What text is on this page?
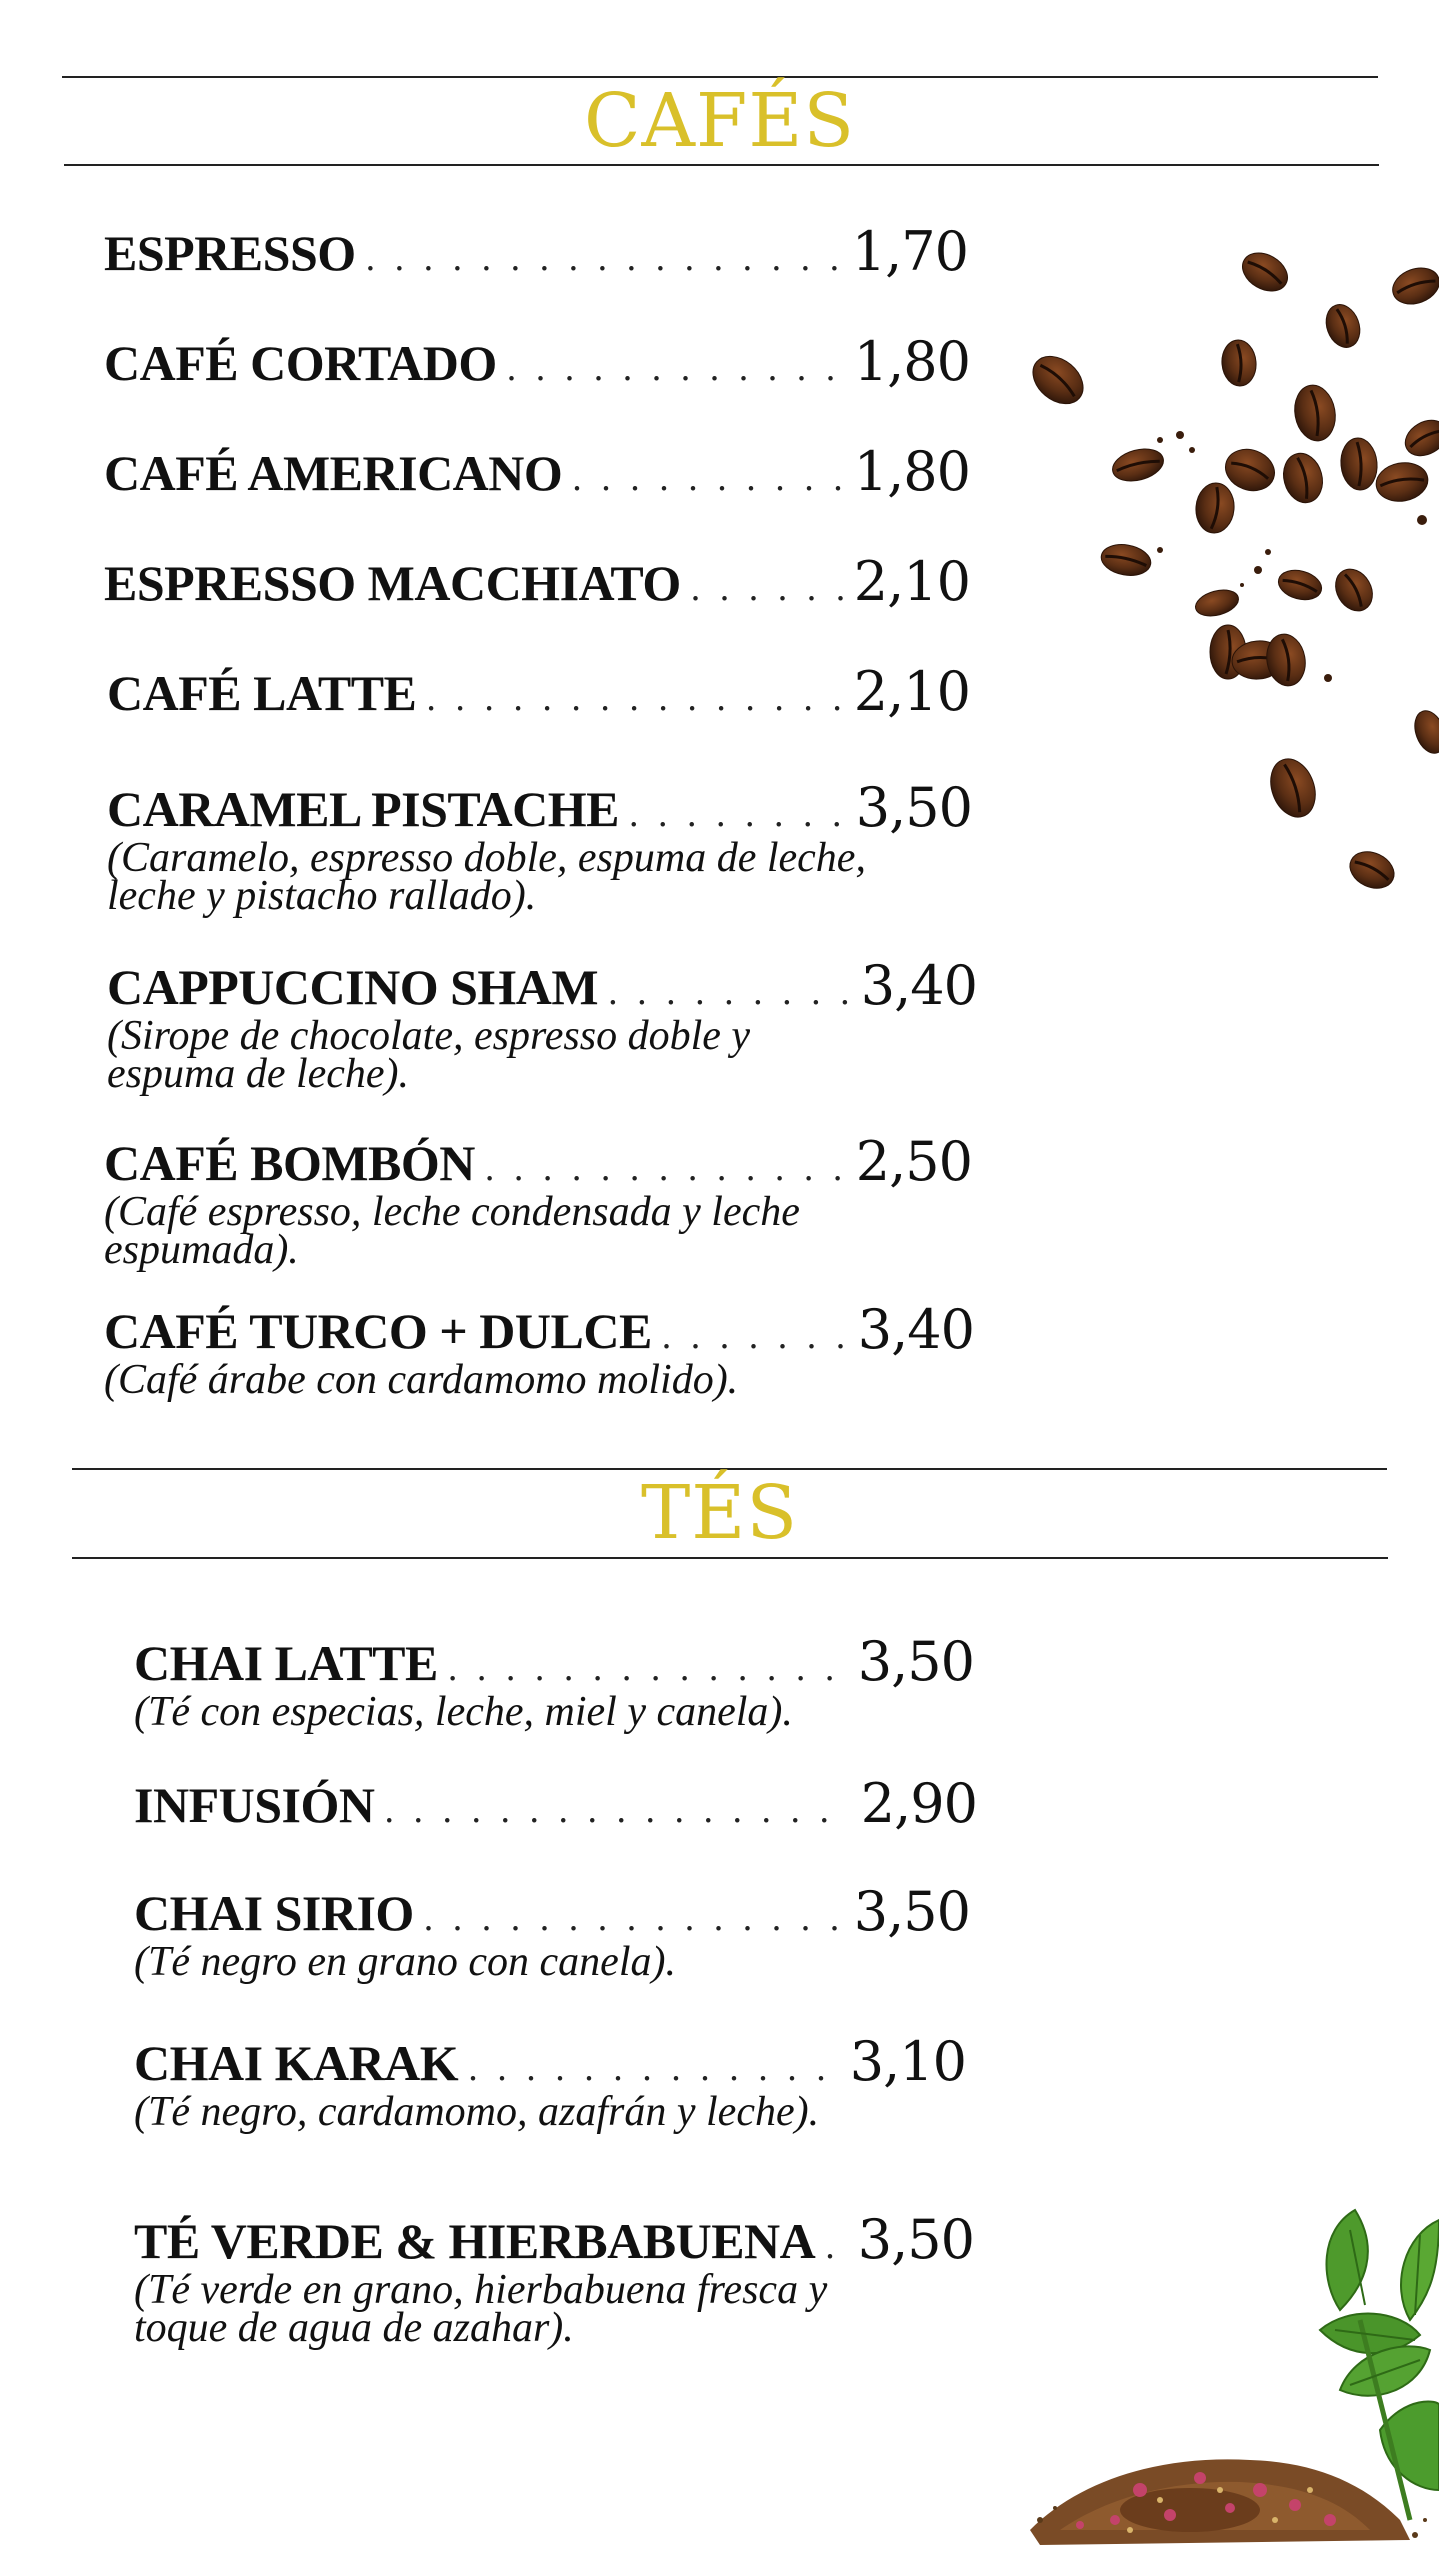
CAFÉS
ESPRESSO . . .	1,70
CAFÉ CORTADO . . .	1,80
CAFÉ AMERICANO . . .	1,80
ESPRESSO MACCHIATO . . .	2,10
CAFÉ LATTE . . .	2,10
CARAMEL PISTACHE . . .	3,50
(Caramelo, espresso doble, espuma de leche, leche y pistacho rallado).
CAPPUCCINO SHAM . . .	3,40
(Sirope de chocolate, espresso doble y espuma de leche).
CAFÉ BOMBÓN . . .	2,50
(Café espresso, leche condensada y leche espumada).
CAFÉ TURCO + DULCE . . .	3,40
(Café árabe con cardamomo molido).
TÉS
CHAI LATTE . . .	3,50
(Té con especias, leche, miel y canela).
INFUSIÓN . . .	2,90
CHAI SIRIO . . .	3,50
(Té negro en grano con canela).
CHAI KARAK . . .	3,10
(Té negro, cardamomo, azafrán y leche).
TÉ VERDE & HIERBABUENA . . . 3,50
(Té verde en grano, hierbabuena fresca y toque de agua de azahar).
